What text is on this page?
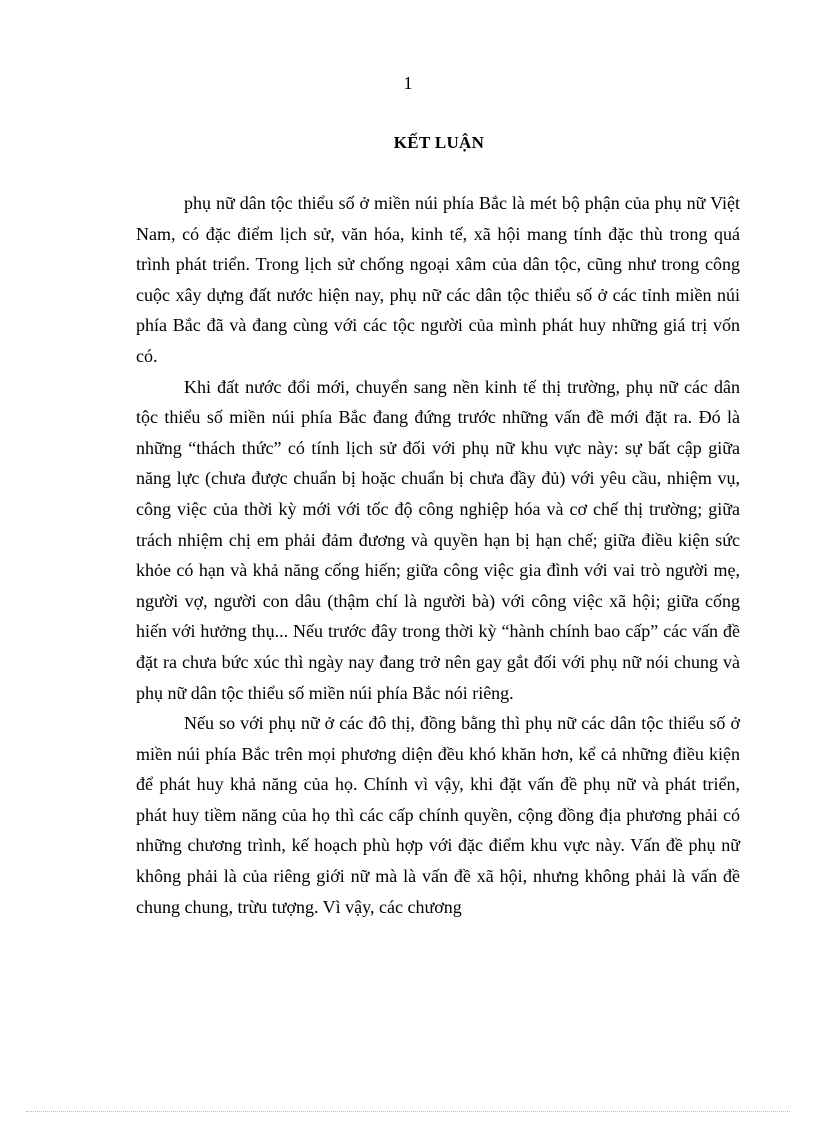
1
KẾT LUẬN

phụ nữ dân tộc thiểu số ở miền núi phía Bắc là mét bộ phận của phụ nữ Việt Nam, có đặc điểm lịch sử, văn hóa, kinh tế, xã hội mang tính đặc thù trong quá trình phát triển. Trong lịch sử chống ngoại xâm của dân tộc, cũng như trong công cuộc xây dựng đất nước hiện nay, phụ nữ các dân tộc thiểu số ở các tỉnh miền núi phía Bắc đã và đang cùng với các tộc người của mình phát huy những giá trị vốn có.

Khi đất nước đổi mới, chuyển sang nền kinh tế thị trường, phụ nữ các dân tộc thiểu số miền núi phía Bắc đang đứng trước những vấn đề mới đặt ra. Đó là những “thách thức” có tính lịch sử đối với phụ nữ khu vực này: sự bất cập giữa năng lực (chưa được chuẩn bị hoặc chuẩn bị chưa đầy đủ) với yêu cầu, nhiệm vụ, công việc của thời kỳ mới với tốc độ công nghiệp hóa và cơ chế thị trường; giữa trách nhiệm chị em phải đảm đương và quyền hạn bị hạn chế; giữa điều kiện sức khỏe có hạn và khả năng cống hiến; giữa công việc gia đình với vai trò người mẹ, người vợ, người con dâu (thậm chí là người bà) với công việc xã hội; giữa cống hiến với hưởng thụ... Nếu trước đây trong thời kỳ “hành chính bao cấp” các vấn đề đặt ra chưa bức xúc thì ngày nay đang trở nên gay gắt đối với phụ nữ nói chung và phụ nữ dân tộc thiểu số miền núi phía Bắc nói riêng.

Nếu so với phụ nữ ở các đô thị, đồng bằng thì phụ nữ các dân tộc thiểu số ở miền núi phía Bắc trên mọi phương diện đều khó khăn hơn, kể cả những điều kiện để phát huy khả năng của họ. Chính vì vậy, khi đặt vấn đề phụ nữ và phát triển, phát huy tiềm năng của họ thì các cấp chính quyền, cộng đồng địa phương phải có những chương trình, kế hoạch phù hợp với đặc điểm khu vực này. Vấn đề phụ nữ không phải là của riêng giới nữ mà là vấn đề xã hội, nhưng không phải là vấn đề chung chung, trừu tượng. Vì vậy, các chương
